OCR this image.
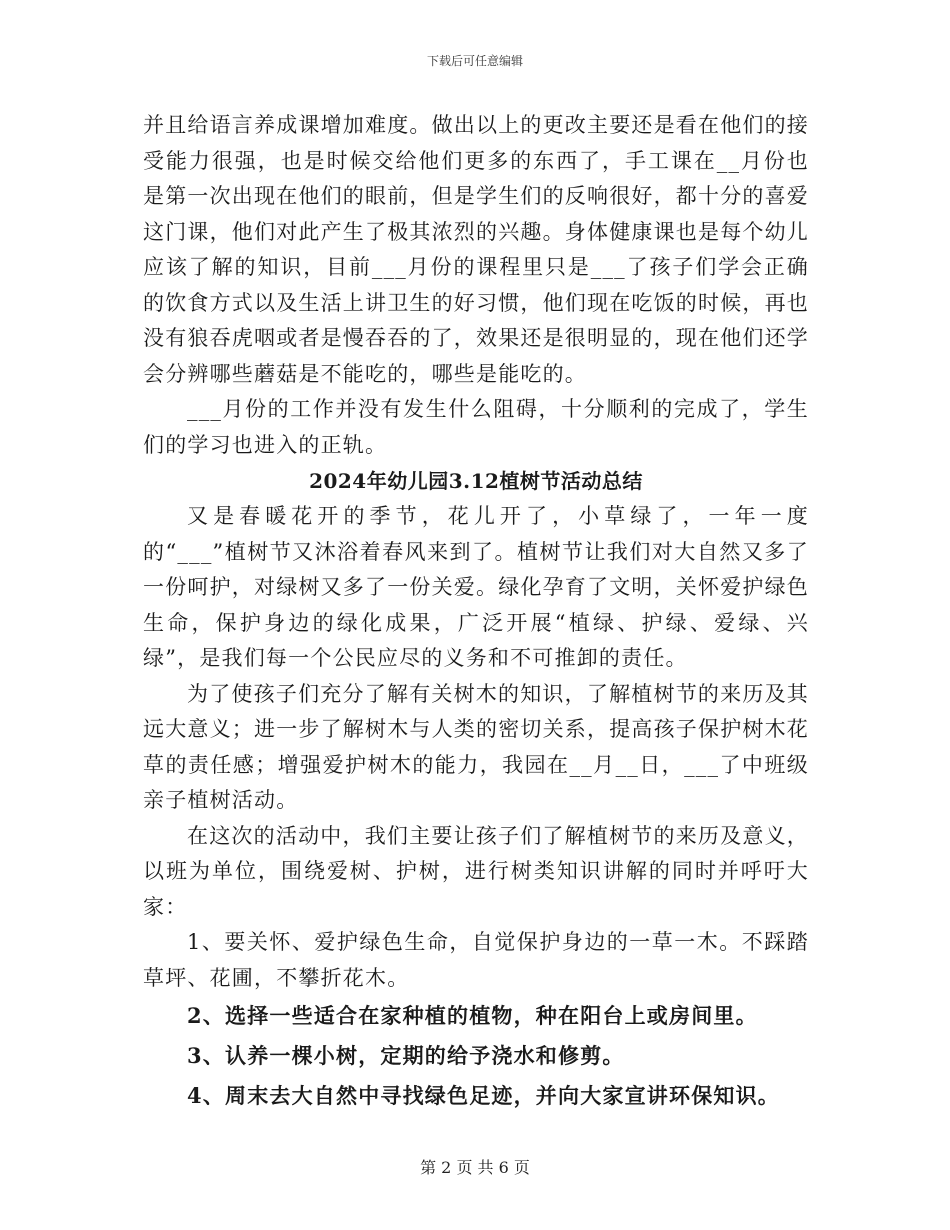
下载后可任意编辑

并且给语言养成课增加难度。做出以上的更改主要还是看在他们的接受能力很强，也是时候交给他们更多的东西了，手工课在__月份也是第一次出现在他们的眼前，但是学生们的反响很好，都十分的喜爱这门课，他们对此产生了极其浓烈的兴趣。身体健康课也是每个幼儿应该了解的知识，目前___月份的课程里只是___了孩子们学会正确的饮食方式以及生活上讲卫生的好习惯，他们现在吃饭的时候，再也没有狼吞虎咽或者是慢吞吞的了，效果还是很明显的，现在他们还学会分辨哪些蘑菇是不能吃的，哪些是能吃的。

___月份的工作并没有发生什么阻碍，十分顺利的完成了，学生们的学习也进入的正轨。

2024年幼儿园3.12植树节活动总结

又是春暖花开的季节，花儿开了，小草绿了，一年一度的“___”植树节又沐浴着春风来到了。植树节让我们对大自然又多了一份呵护，对绿树又多了一份关爱。绿化孕育了文明，关怀爱护绿色生命，保护身边的绿化成果，广泛开展“植绿、护绿、爱绿、兴绿”，是我们每一个公民应尽的义务和不可推卸的责任。

为了使孩子们充分了解有关树木的知识，了解植树节的来历及其远大意义；进一步了解树木与人类的密切关系，提高孩子保护树木花草的责任感；增强爱护树木的能力，我园在__月__日，___了中班级亲子植树活动。

在这次的活动中，我们主要让孩子们了解植树节的来历及意义，以班为单位，围绕爱树、护树，进行树类知识讲解的同时并呼吁大家：

1、要关怀、爱护绿色生命，自觉保护身边的一草一木。不踩踏草坪、花圃，不攀折花木。

2、选择一些适合在家种植的植物，种在阳台上或房间里。

3、认养一棵小树，定期的给予浇水和修剪。

4、周末去大自然中寻找绿色足迹，并向大家宣讲环保知识。

第 2 页 共 6 页
